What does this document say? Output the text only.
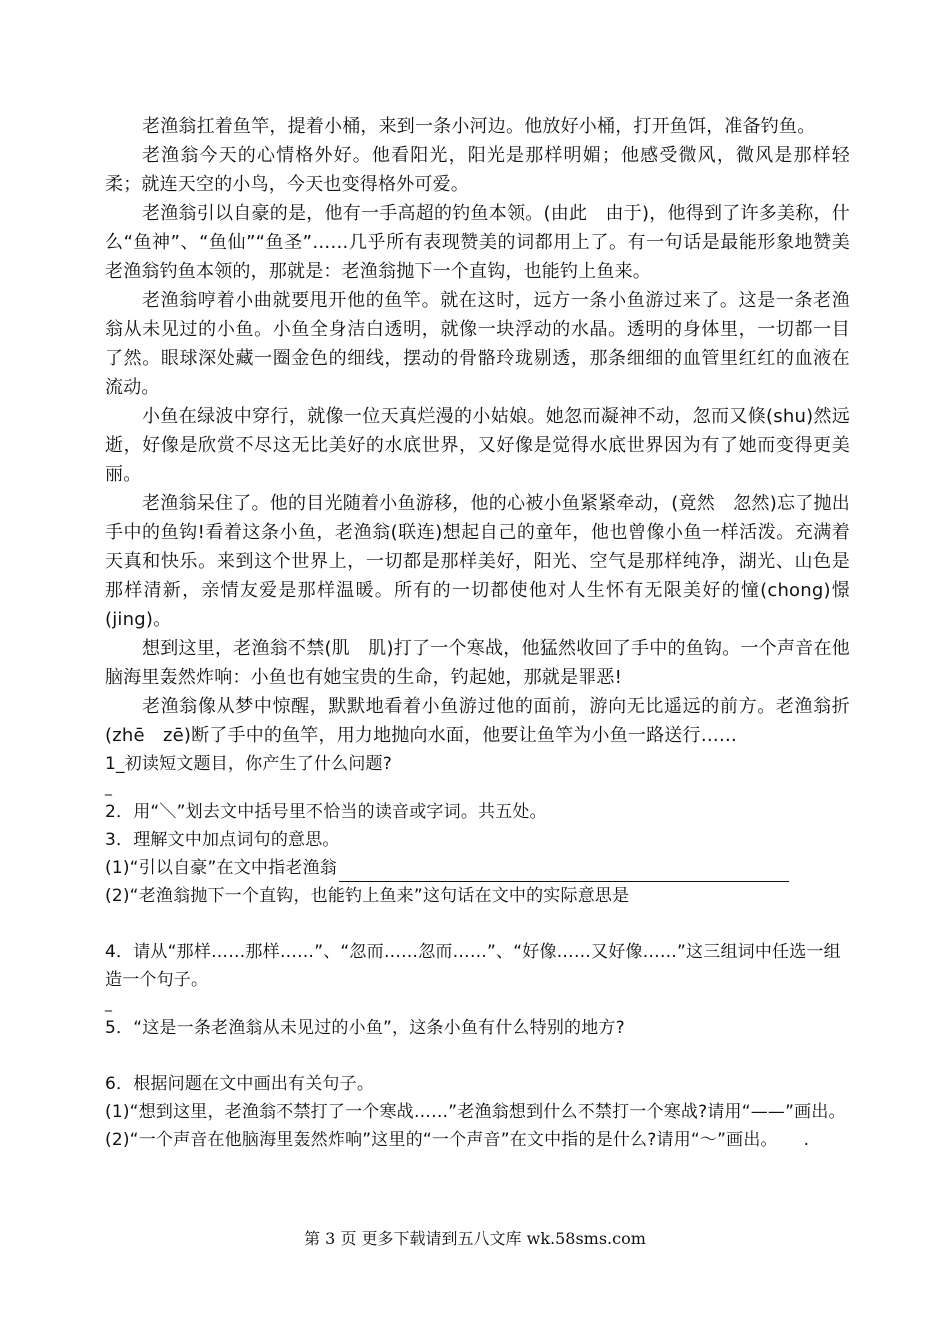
老渔翁扛着鱼竿，提着小桶，来到一条小河边。他放好小桶，打开鱼饵，准备钓鱼。

老渔翁今天的心情格外好。他看阳光，阳光是那样明媚；他感受微风，微风是那样轻柔；就连天空的小鸟，今天也变得格外可爱。

老渔翁引以自豪的是，他有一手高超的钓鱼本领。(由此　由于)，他得到了许多美称，什么“鱼神”、“鱼仙”“鱼圣”……几乎所有表现赞美的词都用上了。有一句话是最能形象地赞美老渔翁钓鱼本领的，那就是：老渔翁抛下一个直钩，也能钓上鱼来。

老渔翁哼着小曲就要甩开他的鱼竿。就在这时，远方一条小鱼游过来了。这是一条老渔翁从未见过的小鱼。小鱼全身洁白透明，就像一块浮动的水晶。透明的身体里，一切都一目了然。眼球深处藏一圈金色的细线，摆动的骨骼玲珑剔透，那条细细的血管里红红的血液在流动。

小鱼在绿波中穿行，就像一位天真烂漫的小姑娘。她忽而凝神不动，忽而又倏(shu)然远逝，好像是欣赏不尽这无比美好的水底世界，又好像是觉得水底世界因为有了她而变得更美丽。

老渔翁呆住了。他的目光随着小鱼游移，他的心被小鱼紧紧牵动，(竟然　忽然)忘了抛出手中的鱼钩!看着这条小鱼，老渔翁(联连)想起自己的童年，他也曾像小鱼一样活泼。充满着天真和快乐。来到这个世界上，一切都是那样美好，阳光、空气是那样纯净，湖光、山色是那样清新，亲情友爱是那样温暖。所有的一切都使他对人生怀有无限美好的憧(chong)憬(jing)。

想到这里，老渔翁不禁(肌　肌)打了一个寒战，他猛然收回了手中的鱼钩。一个声音在他脑海里轰然炸响：小鱼也有她宝贵的生命，钓起她，那就是罪恶!

老渔翁像从梦中惊醒，默默地看着小鱼游过他的面前，游向无比遥远的前方。老渔翁折(zhē　zē)断了手中的鱼竿，用力地抛向水面，他要让鱼竿为小鱼一路送行……

1_初读短文题目，你产生了什么问题?

_

2．用“＼”划去文中括号里不恰当的读音或字词。共五处。

3．理解文中加点词句的意思。

(1)“引以自豪”在文中指老渔翁

(2)“老渔翁抛下一个直钩，也能钓上鱼来”这句话在文中的实际意思是

4．请从“那样……那样……”、“忽而……忽而……”、“好像……又好像……”这三组词中任选一组造一个句子。

_

5．“这是一条老渔翁从未见过的小鱼”，这条小鱼有什么特别的地方?

6．根据问题在文中画出有关句子。

(1)“想到这里，老渔翁不禁打了一个寒战……”老渔翁想到什么不禁打一个寒战?请用“——”画出。

(2)“一个声音在他脑海里轰然炸响”这里的“一个声音”在文中指的是什么?请用“～”画出。　　.

第 3 页 更多下载请到五八文库 wk.58sms.com
